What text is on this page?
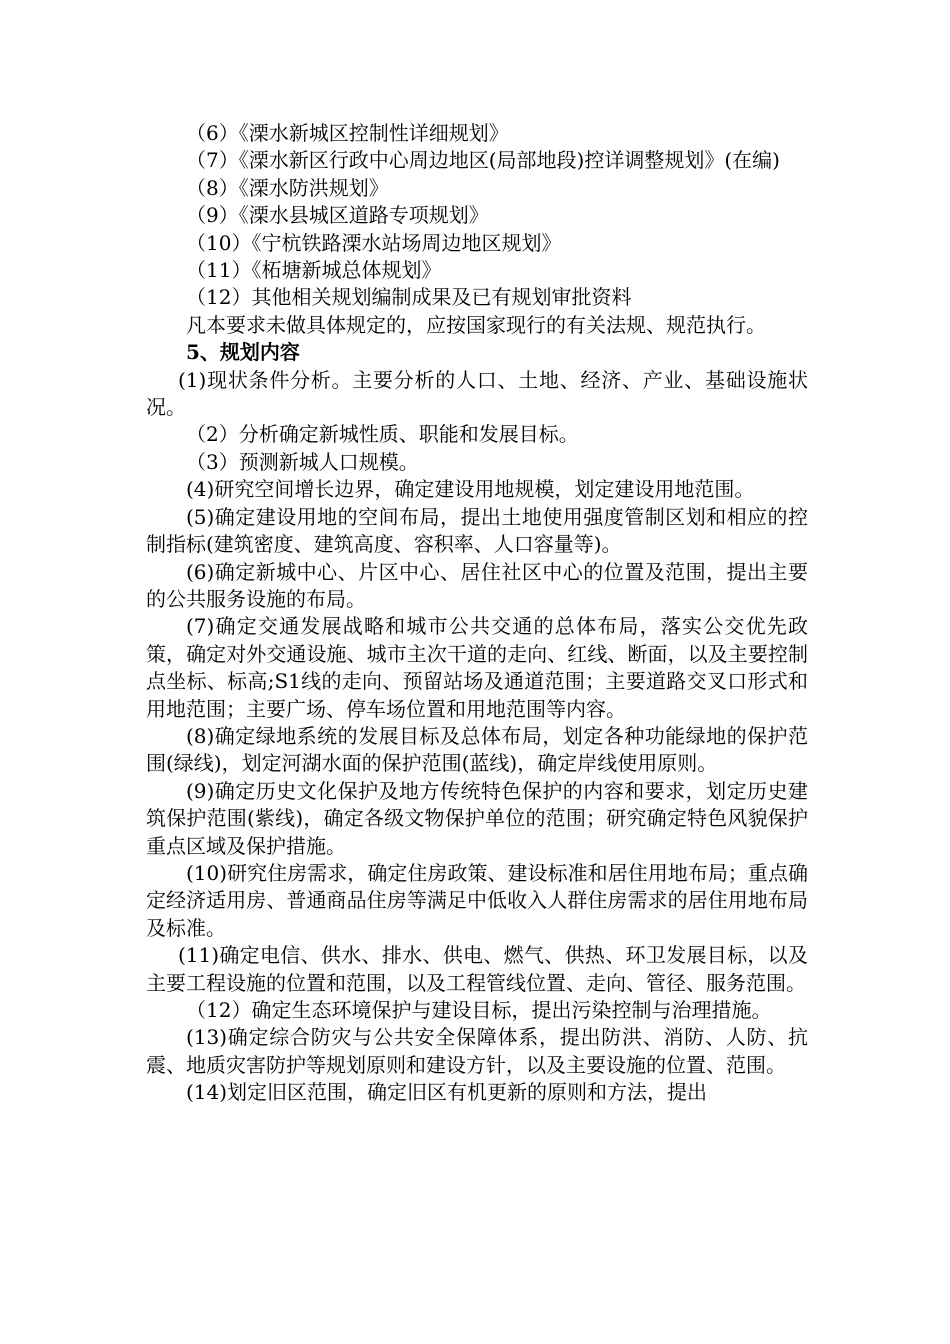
（6）《溧水新城区控制性详细规划》

（7）《溧水新区行政中心周边地区(局部地段)控详调整规划》(在编)

（8）《溧水防洪规划》

（9）《溧水县城区道路专项规划》

（10）《宁杭铁路溧水站场周边地区规划》

（11）《柘塘新城总体规划》

（12）其他相关规划编制成果及已有规划审批资料

凡本要求未做具体规定的，应按国家现行的有关法规、规范执行。

5、规划内容

(1)现状条件分析。主要分析的人口、土地、经济、产业、基础设施状况。

（2）分析确定新城性质、职能和发展目标。

（3）预测新城人口规模。

(4)研究空间增长边界，确定建设用地规模，划定建设用地范围。

(5)确定建设用地的空间布局，提出土地使用强度管制区划和相应的控制指标(建筑密度、建筑高度、容积率、人口容量等)。

(6)确定新城中心、片区中心、居住社区中心的位置及范围，提出主要的公共服务设施的布局。

(7)确定交通发展战略和城市公共交通的总体布局，落实公交优先政策，确定对外交通设施、城市主次干道的走向、红线、断面，以及主要控制点坐标、标高;S1线的走向、预留站场及通道范围；主要道路交叉口形式和用地范围；主要广场、停车场位置和用地范围等内容。

(8)确定绿地系统的发展目标及总体布局，划定各种功能绿地的保护范围(绿线)，划定河湖水面的保护范围(蓝线)，确定岸线使用原则。

(9)确定历史文化保护及地方传统特色保护的内容和要求，划定历史建筑保护范围(紫线)，确定各级文物保护单位的范围；研究确定特色风貌保护重点区域及保护措施。

(10)研究住房需求，确定住房政策、建设标准和居住用地布局；重点确定经济适用房、普通商品住房等满足中低收入人群住房需求的居住用地布局及标准。

(11)确定电信、供水、排水、供电、燃气、供热、环卫发展目标，以及主要工程设施的位置和范围，以及工程管线位置、走向、管径、服务范围。

（12）确定生态环境保护与建设目标，提出污染控制与治理措施。

(13)确定综合防灾与公共安全保障体系，提出防洪、消防、人防、抗震、地质灾害防护等规划原则和建设方针，以及主要设施的位置、范围。

(14)划定旧区范围，确定旧区有机更新的原则和方法，提出
